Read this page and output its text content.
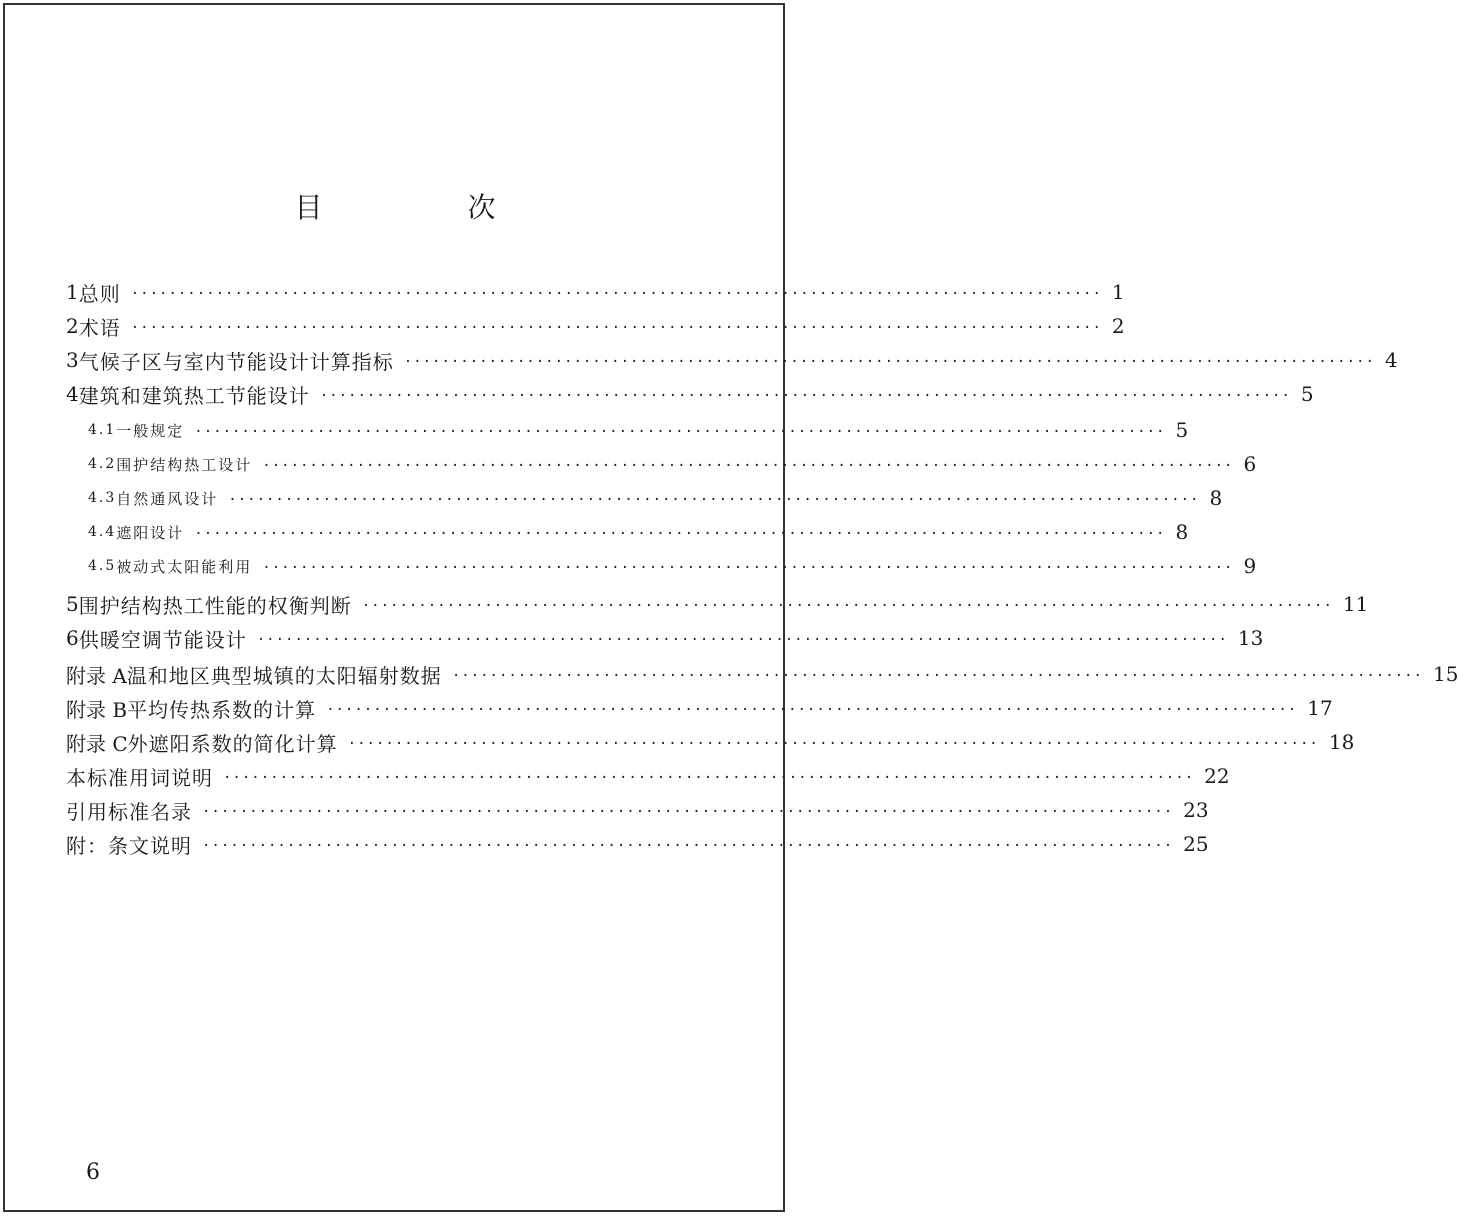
目 次
1 总则 ······································································································· 1
2 术语 ······································································································· 2
3 气候子区与室内节能设计计算指标 ······································································································· 4
4 建筑和建筑热工节能设计 ······································································································· 5
4.1 一般规定 ······································································································· 5
4.2 围护结构热工设计 ······································································································· 6
4.3 自然通风设计 ······································································································· 8
4.4 遮阳设计 ······································································································· 8
4.5 被动式太阳能利用 ······································································································· 9
5 围护结构热工性能的权衡判断 ······································································································· 11
6 供暖空调节能设计 ······································································································· 13
附录 A 温和地区典型城镇的太阳辐射数据 ······································································································· 15
附录 B 平均传热系数的计算 ······································································································· 17
附录 C 外遮阳系数的简化计算 ······································································································· 18
本标准用词说明 ······································································································· 22
引用标准名录 ······································································································· 23
附：条文说明 ······································································································· 25
6
